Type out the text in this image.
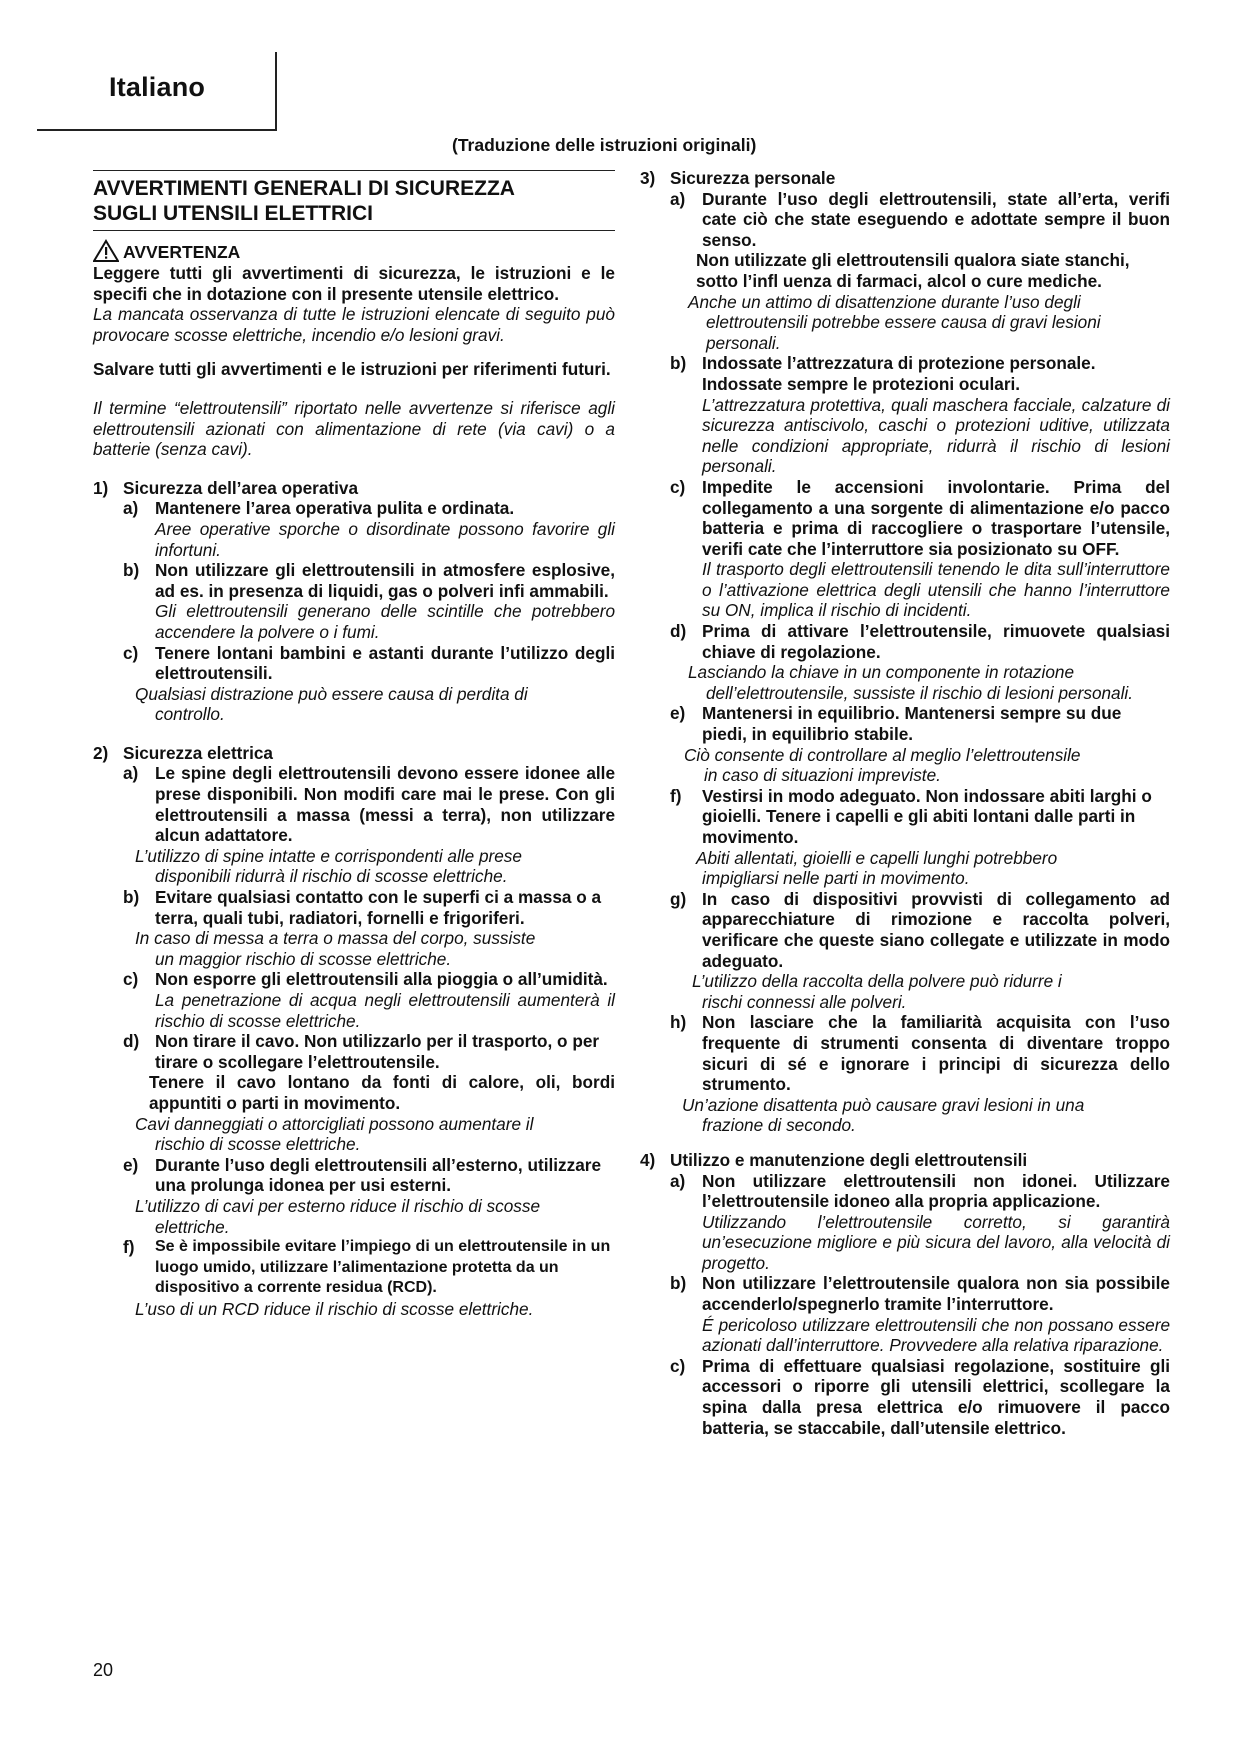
Italiano
(Traduzione delle istruzioni originali)
AVVERTIMENTI GENERALI DI SICUREZZA
SUGLI UTENSILI ELETTRICI
AVVERTENZA

Leggere tutti gli avvertimenti di sicurezza, le istruzioni e le specifi che in dotazione con il presente utensile elettrico.

La mancata osservanza di tutte le istruzioni elencate di seguito può provocare scosse elettriche, incendio e/o lesioni gravi.

Salvare tutti gli avvertimenti e le istruzioni per riferimenti futuri.

Il termine “elettroutensili” riportato nelle avvertenze si riferisce agli elettroutensili azionati con alimentazione di rete (via cavi) o a batterie (senza cavi).

1) Sicurezza dell’area operativa
a) Mantenere l’area operativa pulita e ordinata.

Aree operative sporche o disordinate possono favorire gli infortuni.

b) Non utilizzare gli elettroutensili in atmosfere esplosive, ad es. in presenza di liquidi, gas o polveri infi ammabili.

Gli elettroutensili generano delle scintille che potrebbero accendere la polvere o i fumi.

c) Tenere lontani bambini e astanti durante l’utilizzo degli elettroutensili.

Qualsiasi distrazione può essere causa di perdita di
controllo.

2) Sicurezza elettrica
a) Le spine degli elettroutensili devono essere idonee alle prese disponibili. Non modifi care mai le prese. Con gli elettroutensili a massa (messi a terra), non utilizzare alcun adattatore.

L’utilizzo di spine intatte e corrispondenti alle prese
disponibili ridurrà il rischio di scosse elettriche.

b) Evitare qualsiasi contatto con le superfi ci a massa o a terra, quali tubi, radiatori, fornelli e frigoriferi.

In caso di messa a terra o massa del corpo, sussiste
un maggior rischio di scosse elettriche.

c) Non esporre gli elettroutensili alla pioggia o all’umidità.

La penetrazione di acqua negli elettroutensili aumenterà il rischio di scosse elettriche.

d) Non tirare il cavo. Non utilizzarlo per il trasporto, o per tirare o scollegare l’elettroutensile.

Tenere il cavo lontano da fonti di calore, oli, bordi appuntiti o parti in movimento.

Cavi danneggiati o attorcigliati possono aumentare il
rischio di scosse elettriche.

e) Durante l’uso degli elettroutensili all’esterno, utilizzare una prolunga idonea per usi esterni.

L’utilizzo di cavi per esterno riduce il rischio di scosse
elettriche.

f)	Se è impossibile evitare l’impiego di un elettroutensile in un luogo umido, utilizzare l’alimentazione protetta da un dispositivo a corrente residua (RCD).

L’uso di un RCD riduce il rischio di scosse elettriche.

3) Sicurezza personale
a) Durante l’uso degli elettroutensili, state all’erta, verifi cate ciò che state eseguendo e adottate sempre il buon senso.

Non utilizzate gli elettroutensili qualora siate stanchi, sotto l’infl uenza di farmaci, alcol o cure mediche.

Anche un attimo di disattenzione durante l’uso degli
elettroutensili potrebbe essere causa di gravi lesioni personali.

b) Indossate l’attrezzatura di protezione personale. Indossate sempre le protezioni oculari.

L’attrezzatura protettiva, quali maschera facciale, calzature di sicurezza antiscivolo, caschi o protezioni uditive, utilizzata nelle condizioni appropriate, ridurrà il rischio di lesioni personali.

c) Impedite le accensioni involontarie. Prima del collegamento a una sorgente di alimentazione e/o pacco batteria e prima di raccogliere o trasportare l’utensile, verifi cate che l’interruttore sia posizionato su OFF.

Il trasporto degli elettroutensili tenendo le dita sull’interruttore o l’attivazione elettrica degli utensili che hanno l’interruttore su ON, implica il rischio di incidenti.

d) Prima di attivare l’elettroutensile, rimuovete qualsiasi chiave di regolazione.

Lasciando la chiave in un componente in rotazione
dell’elettroutensile, sussiste il rischio di lesioni personali.

e) Mantenersi in equilibrio. Mantenersi sempre su due piedi, in equilibrio stabile.

Ciò consente di controllare al meglio l’elettroutensile
in caso di situazioni impreviste.

f)	Vestirsi in modo adeguato. Non indossare abiti larghi o gioielli. Tenere i capelli e gli abiti lontani dalle parti in movimento.

Abiti allentati, gioielli e capelli lunghi potrebbero
impigliarsi nelle parti in movimento.

g) In caso di dispositivi provvisti di collegamento ad apparecchiature di rimozione e raccolta polveri, verificare che queste siano collegate e utilizzate in modo adeguato.

L’utilizzo della raccolta della polvere può ridurre i
rischi connessi alle polveri.

h) Non lasciare che la familiarità acquisita con l’uso frequente di strumenti consenta di diventare troppo sicuri di sé e ignorare i principi di sicurezza dello strumento.

Un’azione disattenta può causare gravi lesioni in una
frazione di secondo.

4) Utilizzo e manutenzione degli elettroutensili
a) Non utilizzare elettroutensili non idonei. Utilizzare l’elettroutensile idoneo alla propria applicazione.

Utilizzando l’elettroutensile corretto, si garantirà un’esecuzione migliore e più sicura del lavoro, alla velocità di progetto.

b) Non utilizzare l’elettroutensile qualora non sia possibile accenderlo/spegnerlo tramite l’interruttore.

É pericoloso utilizzare elettroutensili che non possano essere azionati dall’interruttore. Provvedere alla relativa riparazione.

c) Prima di effettuare qualsiasi regolazione, sostituire gli accessori o riporre gli utensili elettrici, scollegare la spina dalla presa elettrica e/o rimuovere il pacco batteria, se staccabile, dall’utensile elettrico.
20
